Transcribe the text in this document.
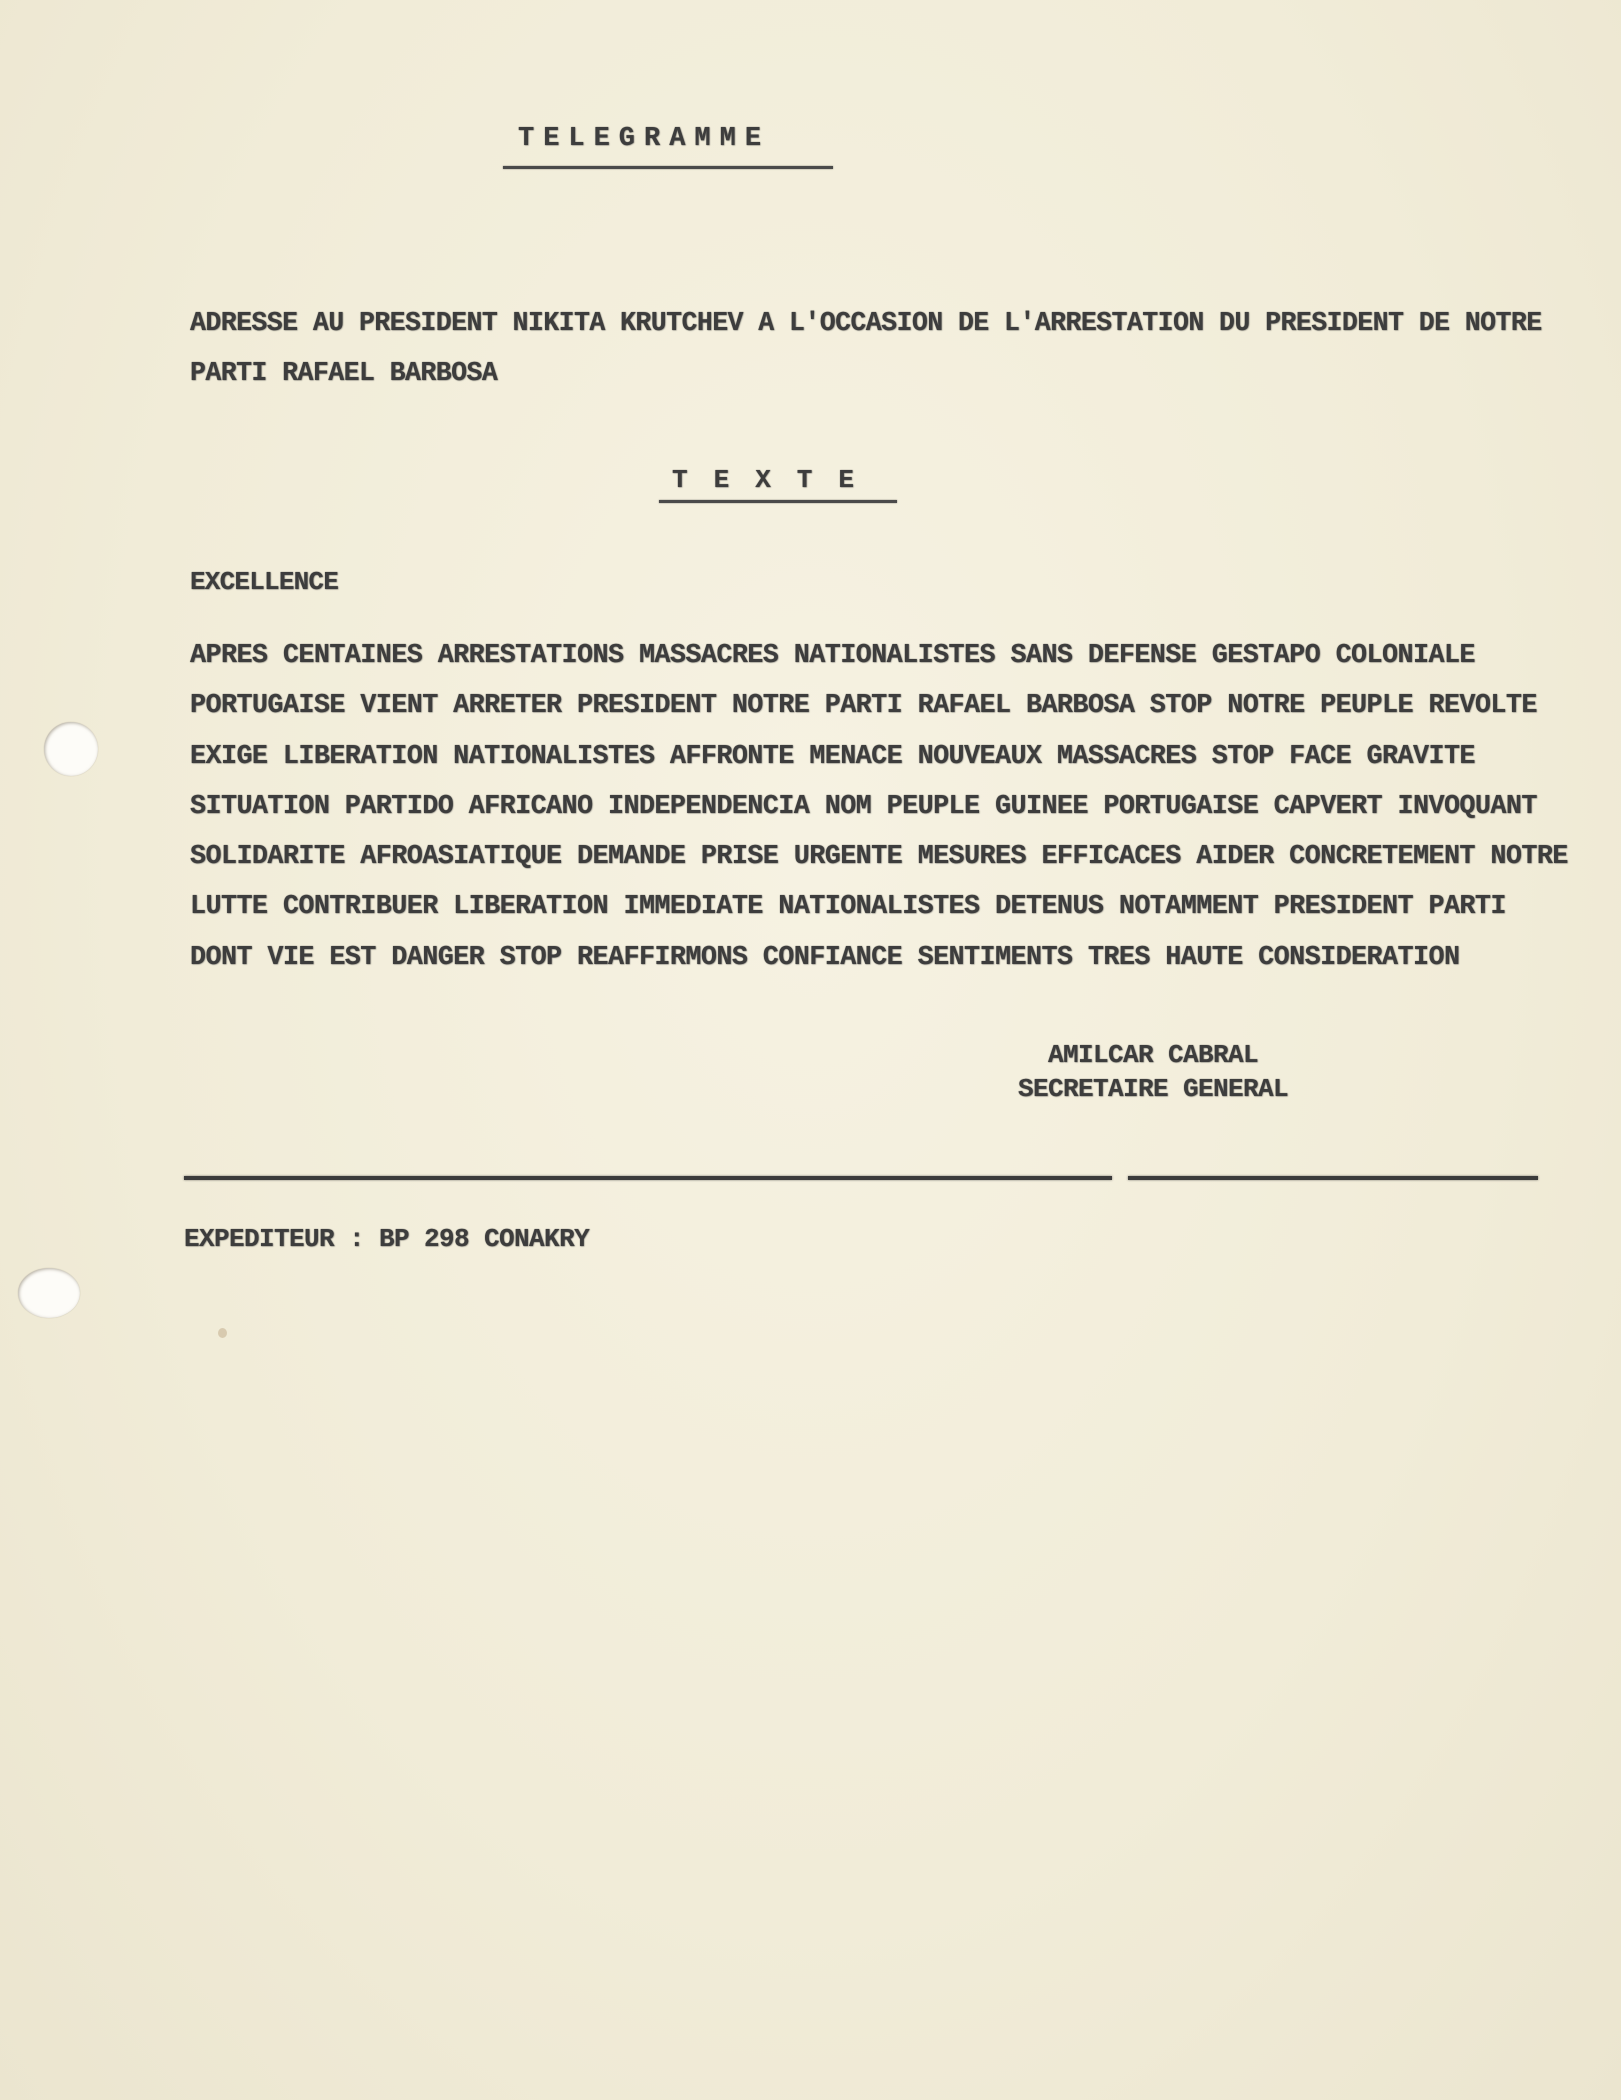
TELEGRAMME
ADRESSE AU PRESIDENT NIKITA KRUTCHEV A L'OCCASION DE L'ARRESTATION DU PRESIDENT DE NOTRE
PARTI RAFAEL BARBOSA
TEXTE
EXCELLENCE
APRES CENTAINES ARRESTATIONS MASSACRES NATIONALISTES SANS DEFENSE GESTAPO COLONIALE
PORTUGAISE VIENT ARRETER PRESIDENT NOTRE PARTI RAFAEL BARBOSA STOP NOTRE PEUPLE REVOLTE
EXIGE LIBERATION NATIONALISTES AFFRONTE MENACE NOUVEAUX MASSACRES STOP FACE GRAVITE
SITUATION PARTIDO AFRICANO INDEPENDENCIA NOM PEUPLE GUINEE PORTUGAISE CAPVERT INVOQUANT
SOLIDARITE AFROASIATIQUE DEMANDE PRISE URGENTE MESURES EFFICACES AIDER CONCRETEMENT NOTRE
LUTTE CONTRIBUER LIBERATION IMMEDIATE NATIONALISTES DETENUS NOTAMMENT PRESIDENT PARTI
DONT VIE EST DANGER STOP REAFFIRMONS CONFIANCE SENTIMENTS TRES HAUTE CONSIDERATION
AMILCAR CABRAL
SECRETAIRE GENERAL
EXPEDITEUR : BP 298 CONAKRY
